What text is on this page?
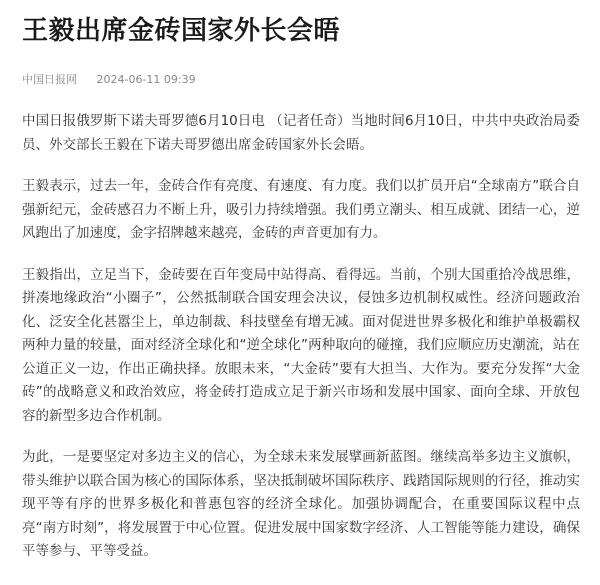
王毅出席金砖国家外长会晤
中国日报网 2024-06-11 09:39

中国日报俄罗斯下诺夫哥罗德6月10日电 （记者任奇）当地时间6月10日，中共中央政治局委员、外交部长王毅在下诺夫哥罗德出席金砖国家外长会晤。

王毅表示，过去一年，金砖合作有亮度、有速度、有力度。我们以扩员开启“全球南方”联合自强新纪元，金砖感召力不断上升，吸引力持续增强。我们勇立潮头、相互成就、团结一心，逆风跑出了加速度，金字招牌越来越亮，金砖的声音更加有力。

王毅指出，立足当下，金砖要在百年变局中站得高、看得远。当前，个别大国重拾冷战思维，拼凑地缘政治“小圈子”，公然抵制联合国安理会决议，侵蚀多边机制权威性。经济问题政治化、泛安全化甚嚣尘上，单边制裁、科技壁垒有增无减。面对促进世界多极化和维护单极霸权两种力量的较量，面对经济全球化和“逆全球化”两种取向的碰撞，我们应顺应历史潮流，站在公道正义一边，作出正确抉择。放眼未来，“大金砖”要有大担当、大作为。要充分发挥“大金砖”的战略意义和政治效应，将金砖打造成立足于新兴市场和发展中国家、面向全球、开放包容的新型多边合作机制。

为此，一是要坚定对多边主义的信心，为全球未来发展擘画新蓝图。继续高举多边主义旗帜，带头维护以联合国为核心的国际体系，坚决抵制破坏国际秩序、践踏国际规则的行径，推动实现平等有序的世界多极化和普惠包容的经济全球化。加强协调配合，在重要国际议程中点亮“南方时刻”，将发展置于中心位置。促进发展中国家数字经济、人工智能等能力建设，确保平等参与、平等受益。
